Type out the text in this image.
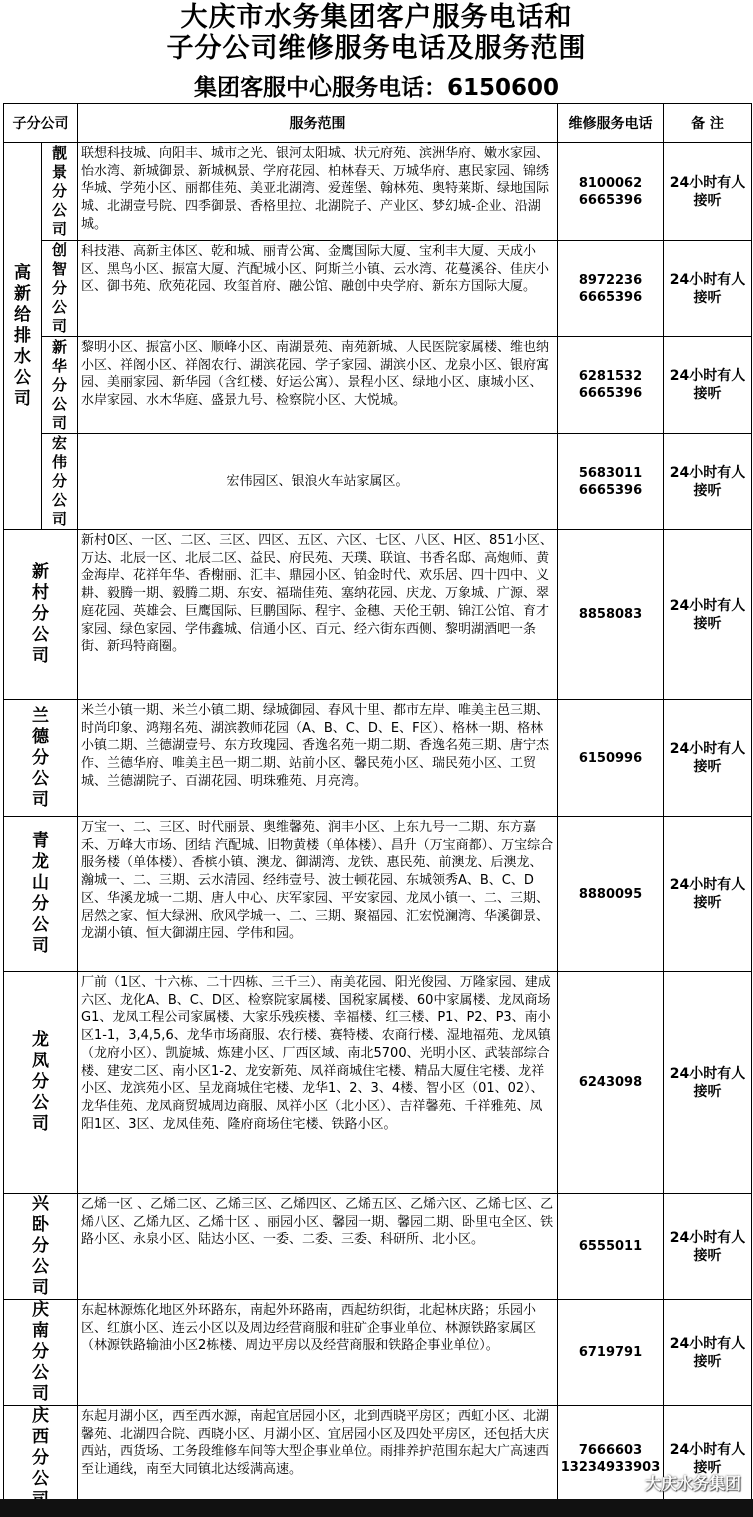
大庆市水务集团客户服务电话和
子分公司维修服务电话及服务范围
集团客服中心服务电话：6150600
子分公司		服务范围	维修服务电话	备 注
高新给排水公司	靓景分公司	联想科技城、向阳丰、城市之光、银河太阳城、状元府苑、滨洲华府、嫩水家园、怡水湾、新城御景、新城枫景、学府花园、柏林春天、万城华府、惠民家园、锦绣华城、学苑小区、丽都佳苑、美亚北湖湾、爱莲堡、翰林苑、奥特莱斯、绿地国际城、北湖壹号院、四季御景、香格里拉、北湖院子、产业区、梦幻城-企业、沿湖城。	8100062
6665396	24小时有人接听
	创智分公司	科技港、高新主体区、乾和城、丽青公寓、金鹰国际大厦、宝利丰大厦、天成小区、黑鸟小区、振富大厦、汽配城小区、阿斯兰小镇、云水湾、花蔓溪谷、佳庆小区、御书苑、欣苑花园、玫玺首府、融公馆、融创中央学府、新东方国际大厦。	8972236
6665396	24小时有人接听
	新华分公司	黎明小区、振富小区、顺峰小区、南湖景苑、南苑新城、人民医院家属楼、维也纳 小区、祥阁小区、祥阁农行、湖滨花园、学子家园、湖滨小区、龙泉小区、银府寓园、美丽家园、新华园（含红楼、好运公寓）、景程小区、绿地小区、康城小区、水岸家园、水木华庭、盛景九号、检察院小区、大悦城。	6281532
6665396	24小时有人接听
	宏伟分公司	宏伟园区、银浪火车站家属区。	5683011
6665396	24小时有人接听
新村分公司		新村0区、一区、二区、三区、四区、五区、六区、七区、八区、H区、851小区、万达、北辰一区、北辰二区、益民、府民苑、天璞、联谊、书香名邸、高炮师、黄金海岸、花祥年华、香榭丽、汇丰、鼎园小区、铂金时代、欢乐居、四十四中、义耕、毅腾一期、毅腾二期、东安、福瑞佳苑、塞纳花园、庆龙、万象城、广源、翠庭花园、英雄会、巨鹰国际、巨鹏国际、程宇、金穗、天伦王朝、锦江公馆、育才家园、绿色家园、学伟鑫城、信通小区、百元、经六街东西侧、黎明湖酒吧一条街、新玛特商圈。	8858083	24小时有人接听
兰德分公司		米兰小镇一期、米兰小镇二期、绿城御园、春风十里、都市左岸、唯美主邑三期、时尚印象、鸿翔名苑、湖滨教师花园（A、B、C、D、E、F区）、格林一期、格林小镇二期、兰德湖壹号、东方玫瑰园、香逸名苑一期二期、香逸名苑三期、唐宁杰作、兰德华府、唯美主邑一期二期、站前小区、馨民苑小区、瑞民苑小区、工贸城、兰德湖院子、百湖花园、明珠雅苑、月亮湾。	6150996	24小时有人接听
青龙山分公司		万宝一、二、三区、时代丽景、奥维馨苑、润丰小区、上东九号一二期、东方嘉禾、万峰大市场、团结 汽配城、旧物黄楼（单体楼）、昌升（万宝商都）、万宝综合服务楼（单体楼）、香槟小镇、澳龙、御湖湾、龙铁、惠民苑、前澳龙、后澳龙、瀚城一、二、三期、云水清园、经纬壹号、波士顿花园、东城领秀A、B、C、D区、华溪龙城一二期、唐人中心、庆军家园、平安家园、龙凤小镇一、二、三期、居然之家、恒大绿洲、欣风学城一、二、三期、聚福园、汇宏悦澜湾、华溪御景、龙湖小镇、恒大御湖庄园、学伟和园。	8880095	24小时有人接听
龙凤分公司		厂前（1区、十六栋、二十四栋、三千三）、南美花园、阳光俊园、万隆家园、建成六区、龙化A、B、C、D区、检察院家属楼、国税家属楼、60中家属楼、龙凤商场G1、龙凤工程公司家属楼、大家乐残疾楼、幸福楼、红三楼、P1、P2、P3、南小区1-1，3,4,5,6、龙华市场商服、农行楼、赛特楼、农商行楼、湿地福苑、龙凤镇（龙府小区）、凯旋城、炼建小区、厂西区域、南北5700、光明小区、武装部综合楼、建安二区、南小区1-2、龙安新苑、凤祥商城住宅楼、精品大厦住宅楼、龙祥小区、龙滨苑小区、呈龙商城住宅楼、龙华1、2、3、4楼、智小区（01、02）、龙华佳苑、龙凤商贸城周边商服、凤祥小区（北小区）、吉祥馨苑、千祥雅苑、凤阳1区、3区、龙凤佳苑、隆府商场住宅楼、铁路小区。	6243098	24小时有人接听
兴卧分公司		乙烯一区 、乙烯二区、乙烯三区、乙烯四区、乙烯五区、乙烯六区、乙烯七区、乙烯八区、乙烯九区、乙烯十区 、丽园小区、馨园一期、馨园二期、卧里屯全区、铁路小区、永泉小区、陆达小区、一委、二委、三委、科研所、北小区。	6555011	24小时有人接听
庆南分公司		东起林源炼化地区外环路东，南起外环路南，西起纺织街，北起林庆路；乐园小区、红旗小区、连云小区以及周边经营商服和驻矿企事业单位、林源铁路家属区（林源铁路输油小区2栋楼、周边平房以及经营商服和铁路企事业单位）。	6719791	24小时有人接听
庆西分公		东起月湖小区，西至西水源，南起宜居园小区，北到西晓平房区；西虹小区、北湖馨苑、北湖四合院、西晓小区、月湖小区、宜居园小区及四处平房区，还包括大庆西站，西货场、工务段维修车间等大型企事业单位。雨排养护范围东起大广高速西至让通线，南至大同镇北达绥满高速。	7666603
13234933903	24小时有人接听
大庆水务集团
